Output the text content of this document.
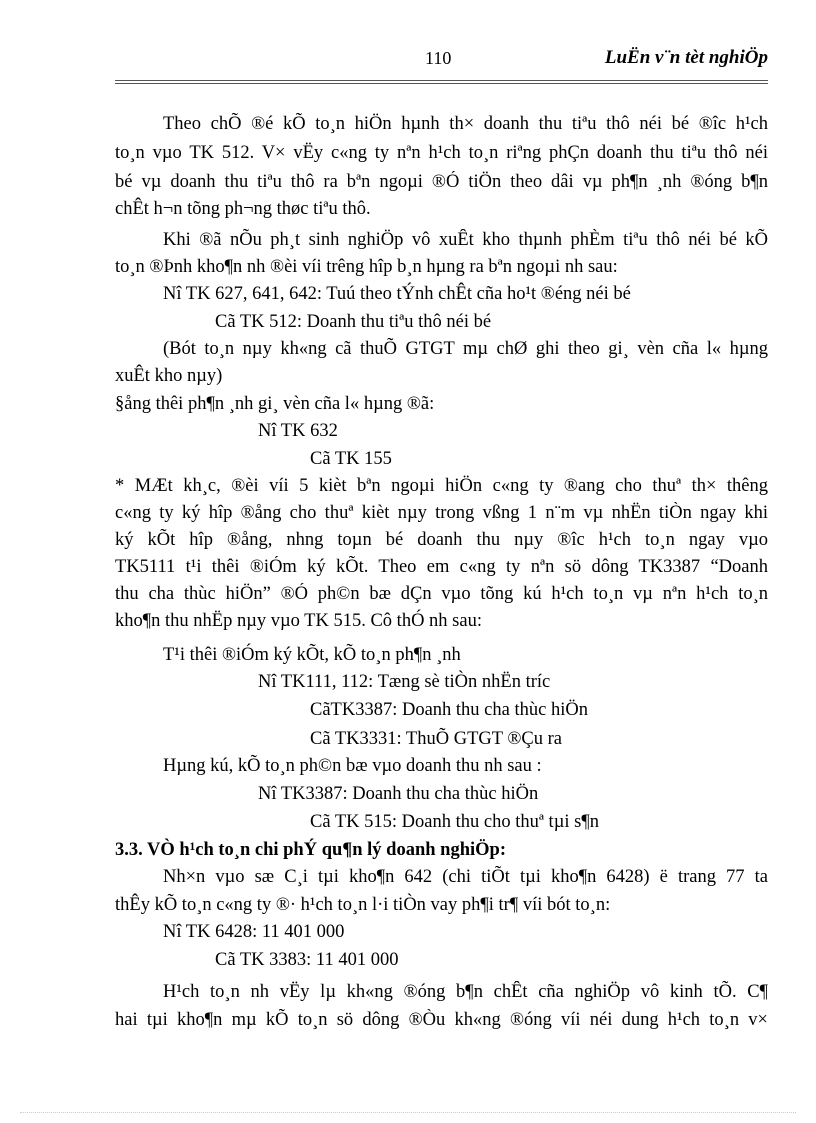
110	LuËn v¨n tèt nghiÖp
Theo chÕ ®é kÕ to¸n hiÖn hµnh th× doanh thu tiªu thô néi bé ®îc h¹ch
to¸n vµo TK 512. V× vËy c«ng ty nªn h¹ch to¸n riªng phÇn doanh thu tiªu thô néi
bé vµ doanh thu tiªu thô ra bªn ngoµi ®Ó tiÖn theo dâi vµ ph¶n ¸nh ®óng b¶n
chÊt h¬n tõng ph¬ng thøc tiªu thô.
Khi ®ã nÕu ph¸t sinh nghiÖp vô xuÊt kho thµnh phÈm tiªu thô néi bé kÕ
to¸n ®Þnh kho¶n nh ®èi víi trêng hîp b¸n hµng ra bªn ngoµi nh sau:
Nî TK 627, 641, 642: Tuú theo tÝnh chÊt cña ho¹t ®éng néi bé
Cã TK 512: Doanh thu tiªu thô néi bé
(Bót to¸n nµy kh«ng cã thuÕ GTGT mµ chØ ghi theo gi¸ vèn cña l« hµng
xuÊt kho nµy)
§ång thêi ph¶n ¸nh gi¸ vèn cña l« hµng ®ã:
Nî TK 632
Cã TK 155
* MÆt kh¸c, ®èi víi 5 kièt bªn ngoµi hiÖn c«ng ty ®ang cho thuª th× thêng
c«ng ty ký hîp ®ång cho thuª kièt nµy trong vßng 1 n¨m vµ nhËn tiÒn ngay khi
ký kÕt hîp ®ång, nhng toµn bé doanh thu nµy ®îc h¹ch to¸n ngay vµo
TK5111 t¹i thêi ®iÓm ký kÕt. Theo em c«ng ty nªn sö dông TK3387 “Doanh
thu cha thùc hiÖn” ®Ó ph©n bæ dÇn vµo tõng kú h¹ch to¸n vµ nªn h¹ch to¸n
kho¶n thu nhËp nµy vµo TK 515. Cô thÓ nh sau:
T¹i thêi ®iÓm ký kÕt, kÕ to¸n ph¶n ¸nh
Nî TK111, 112: Tæng sè tiÒn nhËn tríc
CãTK3387: Doanh thu cha thùc hiÖn
Cã TK3331: ThuÕ GTGT ®Çu ra
Hµng kú, kÕ to¸n ph©n bæ vµo doanh thu nh sau :
Nî TK3387: Doanh thu cha thùc hiÖn
Cã TK 515: Doanh thu cho thuª tµi s¶n
3.3. VÒ h¹ch to¸n chi phÝ qu¶n lý doanh nghiÖp:
Nh×n vµo sæ C¸i tµi kho¶n 642 (chi tiÕt tµi kho¶n 6428) ë trang 77 ta
thÊy kÕ to¸n c«ng ty ®· h¹ch to¸n l·i tiÒn vay ph¶i tr¶ víi bót to¸n:
Nî TK 6428: 11 401 000
Cã TK 3383: 11 401 000
H¹ch to¸n nh vËy lµ kh«ng ®óng b¶n chÊt cña nghiÖp vô kinh tÕ. C¶
hai tµi kho¶n mµ kÕ to¸n sö dông ®Òu kh«ng ®óng víi néi dung h¹ch to¸n v×
